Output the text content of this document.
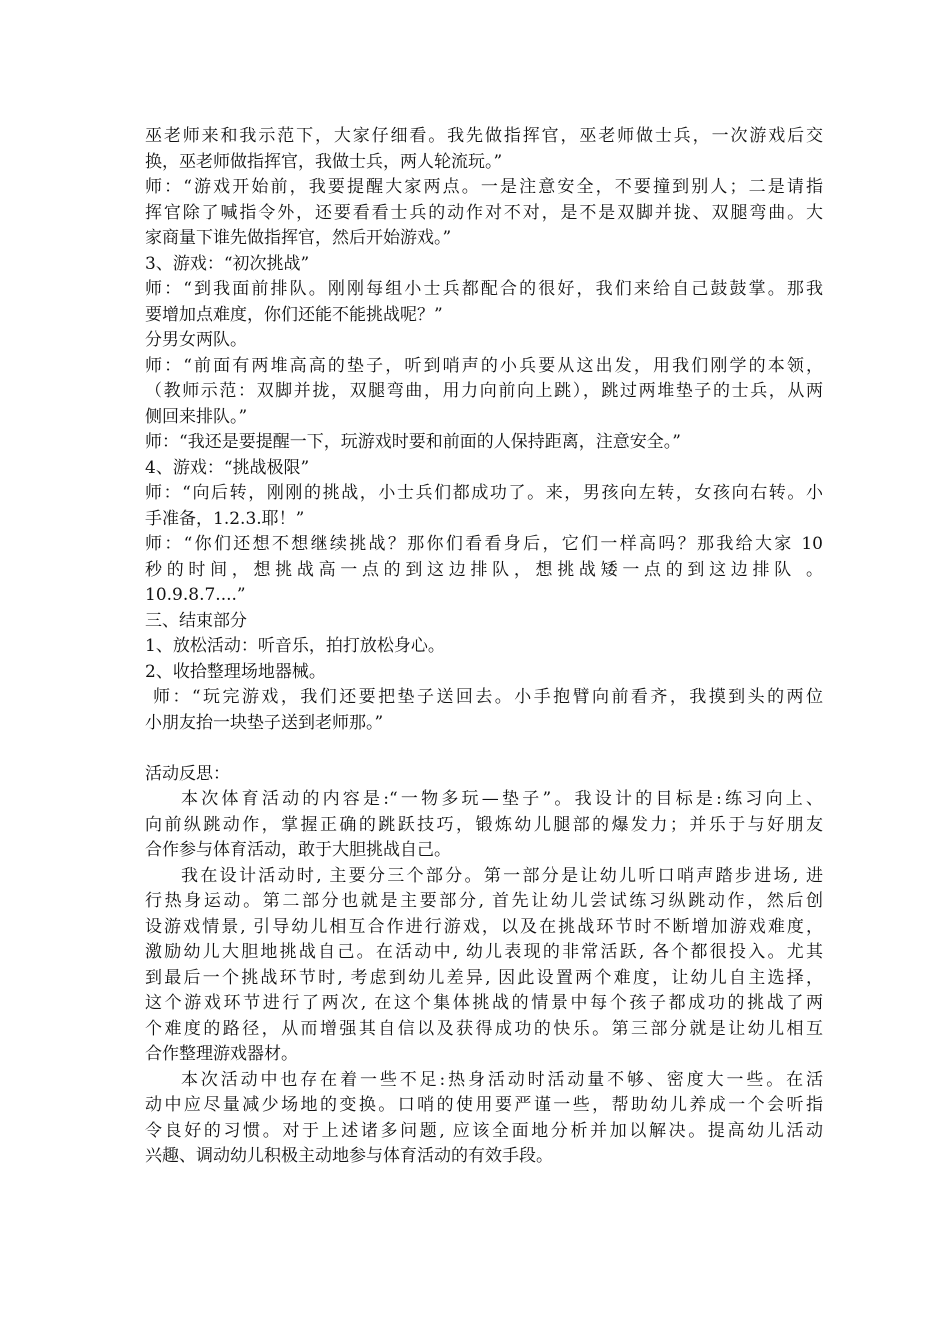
巫老师来和我示范下，大家仔细看。我先做指挥官，巫老师做士兵，一次游戏后交
换，巫老师做指挥官，我做士兵，两人轮流玩。”
师：“游戏开始前，我要提醒大家两点。一是注意安全，不要撞到别人；二是请指
挥官除了喊指令外，还要看看士兵的动作对不对，是不是双脚并拢、双腿弯曲。大
家商量下谁先做指挥官，然后开始游戏。”
3、游戏：“初次挑战”
师：“到我面前排队。刚刚每组小士兵都配合的很好，我们来给自己鼓鼓掌。那我
要增加点难度，你们还能不能挑战呢？”
分男女两队。
师：“前面有两堆高高的垫子，听到哨声的小兵要从这出发，用我们刚学的本领，
（教师示范：双脚并拢，双腿弯曲，用力向前向上跳），跳过两堆垫子的士兵，从两
侧回来排队。”
师：“我还是要提醒一下，玩游戏时要和前面的人保持距离，注意安全。”
4、游戏：“挑战极限”
师：“向后转，刚刚的挑战，小士兵们都成功了。来，男孩向左转，女孩向右转。小
手准备，1.2.3.耶！”
师：“你们还想不想继续挑战？那你们看看身后，它们一样高吗？那我给大家 10
秒的时间，想挑战高一点的到这边排队，想挑战矮一点的到这边排队 。
10.9.8.7....”
三、结束部分
1、放松活动：听音乐，拍打放松身心。
2、收拾整理场地器械。
师：“玩完游戏，我们还要把垫子送回去。小手抱臂向前看齐，我摸到头的两位
小朋友抬一块垫子送到老师那。”
活动反思：
本次体育活动的内容是:“一物多玩—垫子”。我设计的目标是:练习向上、
向前纵跳动作，掌握正确的跳跃技巧，锻炼幼儿腿部的爆发力；并乐于与好朋友
合作参与体育活动，敢于大胆挑战自己。
我在设计活动时, 主要分三个部分。第一部分是让幼儿听口哨声踏步进场, 进
行热身运动。第二部分也就是主要部分, 首先让幼儿尝试练习纵跳动作，然后创
设游戏情景, 引导幼儿相互合作进行游戏，以及在挑战环节时不断增加游戏难度，
激励幼儿大胆地挑战自己。在活动中, 幼儿表现的非常活跃, 各个都很投入。尤其
到最后一个挑战环节时, 考虑到幼儿差异, 因此设置两个难度，让幼儿自主选择，
这个游戏环节进行了两次, 在这个集体挑战的情景中每个孩子都成功的挑战了两
个难度的路径，从而增强其自信以及获得成功的快乐。第三部分就是让幼儿相互
合作整理游戏器材。
本次活动中也存在着一些不足:热身活动时活动量不够、密度大一些。在活
动中应尽量减少场地的变换。口哨的使用要严谨一些，帮助幼儿养成一个会听指
令良好的习惯。对于上述诸多问题, 应该全面地分析并加以解决。提高幼儿活动
兴趣、调动幼儿积极主动地参与体育活动的有效手段。
